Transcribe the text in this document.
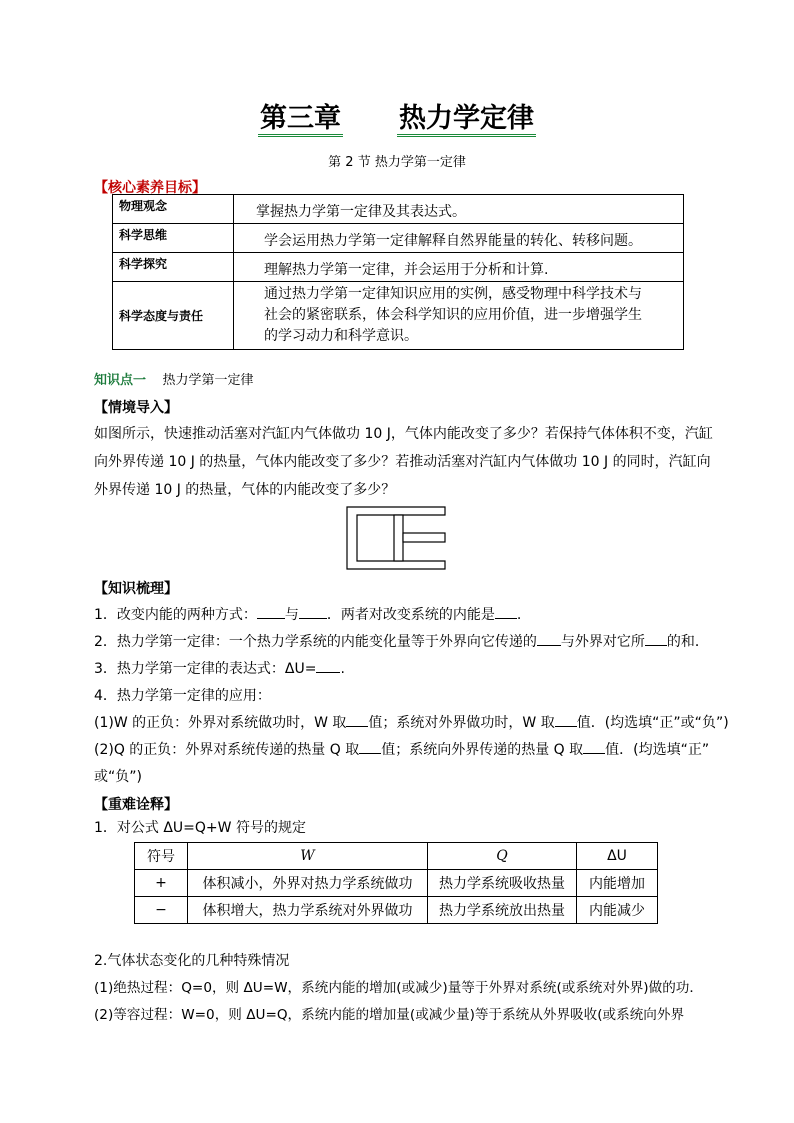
第三章 热力学定律
第 2 节 热力学第一定律
【核心素养目标】
物理观念	掌握热力学第一定律及其表达式。
科学思维	学会运用热力学第一定律解释自然界能量的转化、转移问题。
科学探究	理解热力学第一定律，并会运用于分析和计算.
科学态度与责任	通过热力学第一定律知识应用的实例，感受物理中科学技术与社会的紧密联系，体会科学知识的应用价值，进一步增强学生的学习动力和科学意识。
知识点一 热力学第一定律
【情境导入】
如图所示，快速推动活塞对汽缸内气体做功 10 J，气体内能改变了多少？若保持气体体积不变，汽缸向外界传递 10 J 的热量，气体内能改变了多少？若推动活塞对汽缸内气体做功 10 J 的同时，汽缸向外界传递 10 J 的热量，气体的内能改变了多少？
【知识梳理】
1．改变内能的两种方式： 与 ．两者对改变系统的内能是 .
2．热力学第一定律：一个热力学系统的内能变化量等于外界向它传递的 与外界对它所 的和．
3．热力学第一定律的表达式：ΔU= .
4．热力学第一定律的应用：
(1)W 的正负：外界对系统做功时，W 取 值；系统对外界做功时，W 取 值．(均选填“正”或“负”)
(2)Q 的正负：外界对系统传递的热量 Q 取 值；系统向外界传递的热量 Q 取 值．(均选填“正”
或“负”)
【重难诠释】
1．对公式 ΔU=Q+W 符号的规定
符号	W	Q	ΔU
+	体积减小，外界对热力学系统做功	热力学系统吸收热量	内能增加
−	体积增大，热力学系统对外界做功	热力学系统放出热量	内能减少
2.气体状态变化的几种特殊情况
(1)绝热过程：Q=0，则 ΔU=W，系统内能的增加(或减少)量等于外界对系统(或系统对外界)做的功．
(2)等容过程：W=0，则 ΔU=Q，系统内能的增加量(或减少量)等于系统从外界吸收(或系统向外界
